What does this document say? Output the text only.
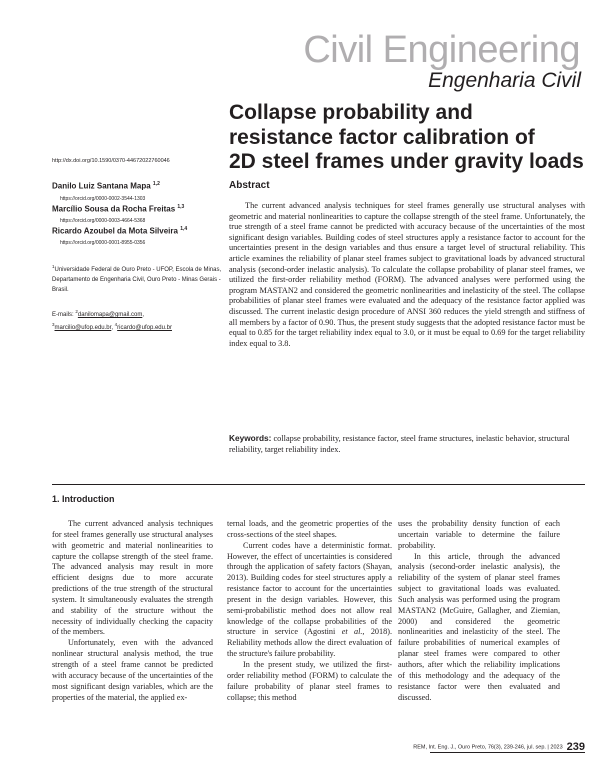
Civil Engineering
Engenharia Civil
Collapse probability and
resistance factor calibration of
2D steel frames under gravity loads
http://dx.doi.org/10.1590/0370-44672022760046
Danilo Luiz Santana Mapa $^{1,2}$
https://orcid.org/0000-0002-3544-1303
Marcílio Sousa da Rocha Freitas $^{1,3}$
https://orcid.org/0000-0003-4664-5368
Ricardo Azoubel da Mota Silveira $^{1,4}$
https://orcid.org/0000-0001-8955-0356
$^1$Universidade Federal de Ouro Preto - UFOP, Escola de Minas, Departamento de Engenharia Civil, Ouro Preto - Minas Gerais - Brasil.
E-mails: $^2$danilomapa@gmail.com,
$^3$marcilio@ufop.edu.br, $^4$ricardo@ufop.edu.br
Abstract
The current advanced analysis techniques for steel frames generally use structural analyses with geometric and material nonlinearities to capture the collapse strength of the steel frame. Unfortunately, the true strength of a steel frame cannot be predicted with accuracy because of the uncertainties of the most significant design variables. Building codes of steel structures apply a resistance factor to account for the uncertainties present in the design variables and thus ensure a target level of structural reliability. This article examines the reliability of planar steel frames subject to gravitational loads by advanced structural analysis (second-order inelastic analysis). To calculate the collapse probability of planar steel frames, we utilized the first-order reliability method (FORM). The advanced analyses were performed using the program MASTAN2 and considered the geometric nonlinearities and inelasticity of the steel. The collapse probabilities of planar steel frames were evaluated and the adequacy of the resistance factor applied was discussed. The current inelastic design procedure of ANSI 360 reduces the yield strength and stiffness of all members by a factor of 0.90. Thus, the present study suggests that the adopted resistance factor must be equal to 0.85 for the target reliability index equal to 3.0, or it must be equal to 0.69 for the target reliability index equal to 3.8.
Keywords: collapse probability, resistance factor, steel frame structures, inelastic behavior, structural reliability, target reliability index.
1. Introduction

The current advanced analysis techniques for steel frames generally use structural analyses with geometric and material nonlinearities to capture the collapse strength of the steel frame. The advanced analysis may result in more efficient designs due to more accurate predictions of the true strength of the structural system. It simultaneously evaluates the strength and stability of the structure without the necessity of individually checking the capacity of the members.

Unfortunately, even with the advanced nonlinear structural analysis method, the true strength of a steel frame cannot be predicted with accuracy because of the uncertainties of the most significant design variables, which are the properties of the material, the applied ex-

ternal loads, and the geometric properties of the cross-sections of the steel shapes.

Current codes have a deterministic format. However, the effect of uncertainties is considered through the application of safety factors (Shayan, 2013). Building codes for steel structures apply a resistance factor to account for the uncertainties present in the design variables. However, this semi-probabilistic method does not allow real knowledge of the collapse probabilities of the structure in service (Agostini et al., 2018). Reliability methods allow the direct evaluation of the structure's failure probability.

In the present study, we utilized the first-order reliability method (FORM) to calculate the failure probability of planar steel frames to collapse; this method

uses the probability density function of each uncertain variable to determine the failure probability.

In this article, through the advanced analysis (second-order inelastic analysis), the reliability of the system of planar steel frames subject to gravitational loads was evaluated. Such analysis was performed using the program MASTAN2 (McGuire, Gallagher, and Ziemian, 2000) and considered the geometric nonlinearities and inelasticity of the steel. The failure probabilities of numerical examples of planar steel frames were compared to other authors, after which the reliability implications of this methodology and the adequacy of the resistance factor were then evaluated and discussed.

REM, Int. Eng. J., Ouro Preto, 76(3), 239-246, jul. sep. | 2023 239
